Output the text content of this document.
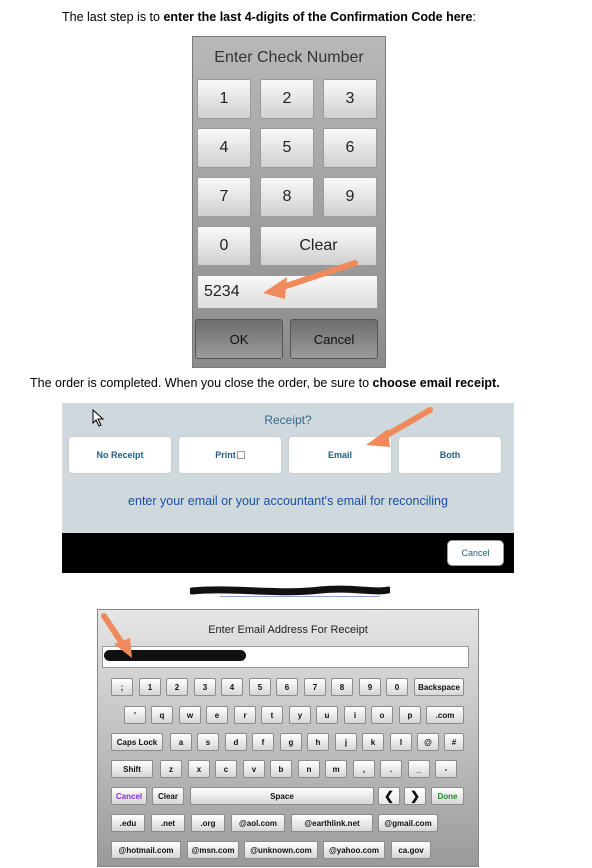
The last step is to enter the last 4-digits of the Confirmation Code here:
Enter Check Number
1	2	3
4	5	6
7	8	9
0	Clear
5234
OK	Cancel
The order is completed. When you close the order, be sure to choose email receipt.
Receipt?
No Receipt	Print	Email	Both
enter your email or your accountant's email for reconciling
Cancel
Enter Email Address For Receipt
;	1	2	3	4	5	6	7	8	9	0	Backspace
'	q	w	e	r	t	y	u	i	o	p	.com
Caps Lock	a	s	d	f	g	h	j	k	l	@	#
Shift	z	x	c	v	b	n	m	,	.	_	-
Cancel	Clear	Space	❮	❯	Done
.edu	.net	.org	@aol.com	@earthlink.net	@gmail.com
@hotmail.com	@msn.com	@unknown.com	@yahoo.com	ca.gov
